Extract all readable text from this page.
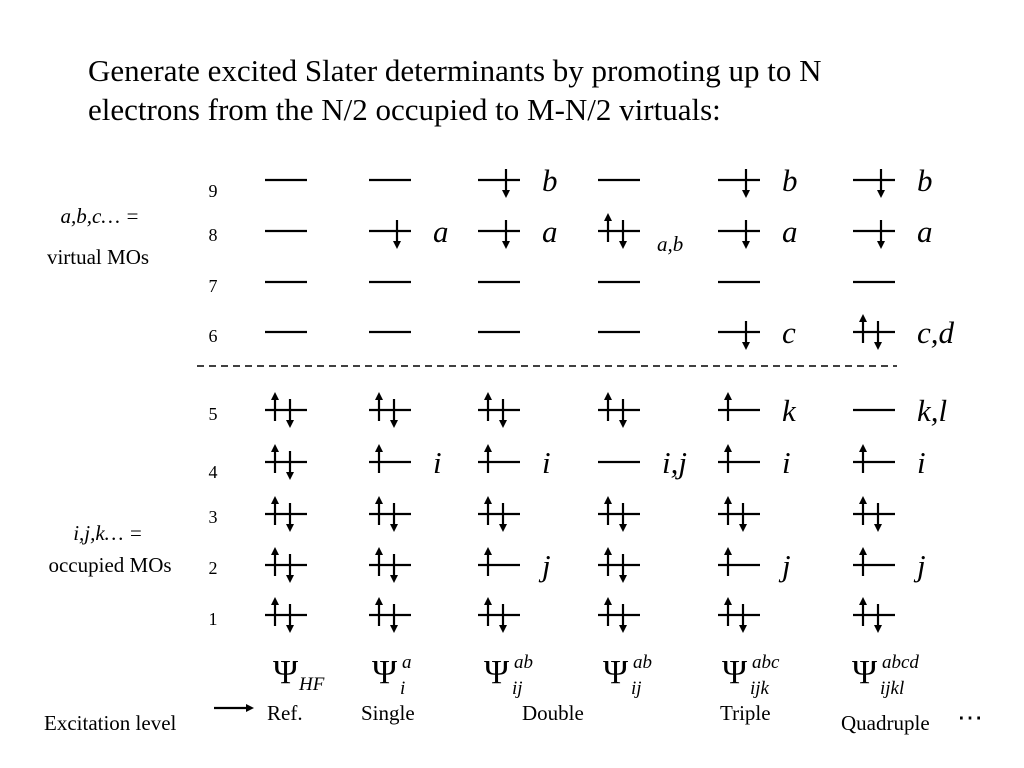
Generate excited Slater determinants by promoting up to N
electrons from the N/2 occupied to M-N/2 virtuals:
a,b,c… =
virtual MOs
i,j,k… =
occupied MOs
9
8
7
6
5
4
3
2
1
Ψ HF
Ref.
i
a
Ψ a
i
Single
j
i
a
b
Ψ ab
ij
i,j
a,b
Ψ ab
ij
j
i
k
c
a
b
Ψ abc
ijk
Triple
j
i
k,l
c,d
a
b
Ψ abcd
ijkl
Quadruple
Double
Excitation level	⋯
